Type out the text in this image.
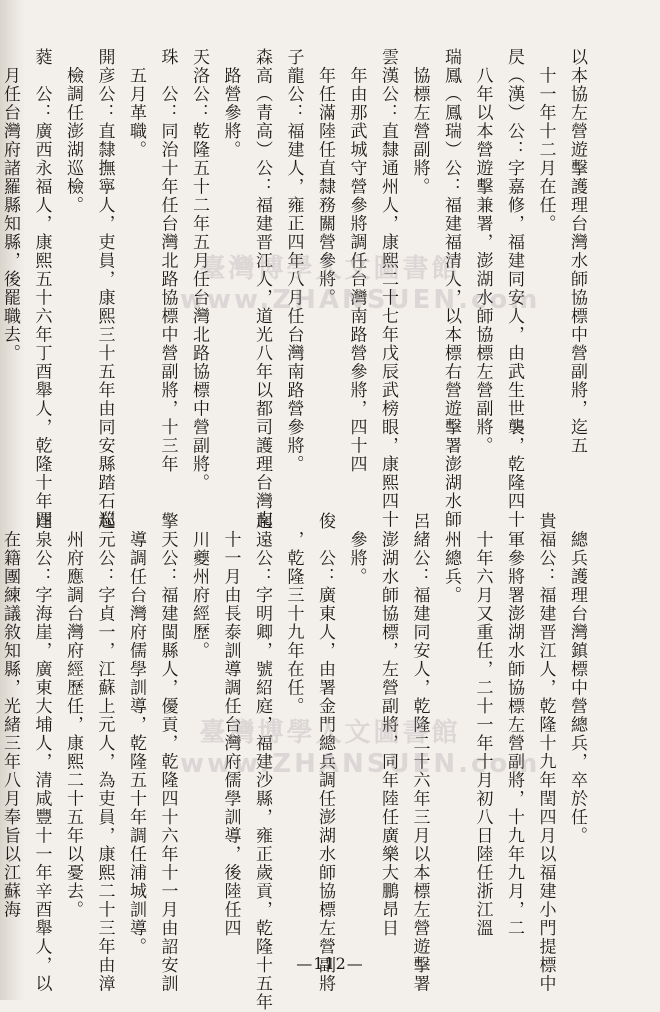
以本協左營遊擊護理台灣水師協標中營副將，迄五
　十一年十二月在任。
昃（漢）公：字嘉修，福建同安人，由武生世襲，乾隆四十
　八年以本營遊擊兼署，澎湖水師協標左營副將。
瑞鳳（鳳瑞）公：福建福清人，以本標右營遊擊署澎湖水師
　協標左營副將。
雲漢公：直隸通州人，康熙二十七年戊辰武榜眼，康熙四十
　年由那武城守營參將調任台灣南路營參將，四十四
　年任滿陸任直隸務關營參將。
子龍公：福建人，雍正四年八月任台灣南路營參將。
森高（青高）公：福建晋江人，道光八年以都司護理台灣南
　路營參將。
天洛公：乾隆五十二年五月任台灣北路協標中營副將。
珠　公：同治十年任台灣北路協標中營副將，十三年
　五月革職。
開彦公：直隸撫寧人，吏員，康熙三十五年由同安縣踏石巡
　檢調任澎湖巡檢。
蕤　公：廣西永福人，康熙五十六年丁酉舉人，乾隆十年四
　月任台灣府諸羅縣知縣，後罷職去。	臺灣博學人文圖書館
www.ZHANSUEN.com
　總兵護理台灣鎮標中營總兵，卒於任。
貴福公：福建晋江人，乾隆十九年閏四月以福建小門提標中
　軍參將署澎湖水師協標左營副將，十九年九月，二
　十年六月又重任，二十一年十月初八日陸任浙江溫
　州總兵。
呂緒公：福建同安人，乾隆二十六年三月以本標左營遊擊署
　澎湖水師協標，左營副將，同年陸任廣樂大鵬昂日
　參將。
俊　公：廣東人，由署金門總兵調任澎湖水師協標左營副將
　，乾隆三十九年在任。
起遠公：字明卿，號紹庭，福建沙縣，雍正歲貢，乾隆十五年
　十一月由長泰訓導調任台灣府儒學訓導，後陸任四
　川夔州府經歷。
擎天公：福建閩縣人，優貢，乾隆四十六年十一月由詔安訓
　導調任台灣府儒學訓導，乾隆五十年調任浦城訓導。
起元公：字貞一，江蘇上元人，為吏員，康熙二十三年由漳
　州府應調台灣府經歷任，康熙二十五年以憂去。
達泉公：字海崖，廣東大埔人，清咸豐十一年辛酉舉人，以
　在籍團練議敘知縣，光緒三年八月奉旨以江蘇海	臺灣博學人文圖書館
www.ZHANSUEN.com
—112—
